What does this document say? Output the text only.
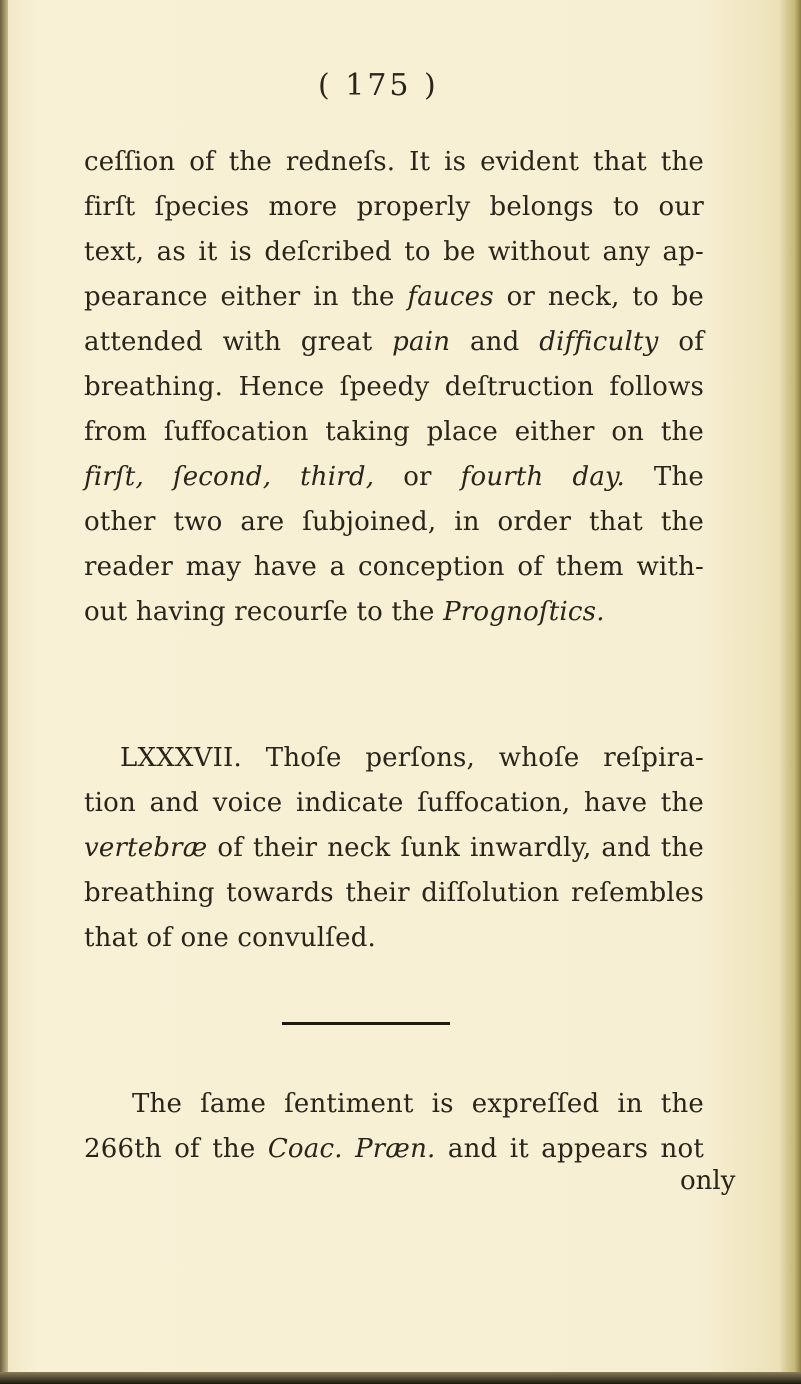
( 175 )
ceſſion of the redneſs. It is evident that the
firſt ſpecies more properly belongs to our
text, as it is deſcribed to be without any ap-
pearance either in the fauces or neck, to be
attended with great pain and difficulty of
breathing. Hence ſpeedy deſtruction follows
from ſuffocation taking place either on the
firſt, ſecond, third, or fourth day. The
other two are ſubjoined, in order that the
reader may have a conception of them with-
out having recourſe to the Prognoſtics.
LXXXVII. Thoſe perſons, whoſe reſpira-
tion and voice indicate ſuffocation, have the
vertebræ of their neck ſunk inwardly, and the
breathing towards their diſſolution reſembles
that of one convulſed.
The ſame ſentiment is expreſſed in the
266th of the Coac. Præn. and it appears not
only
